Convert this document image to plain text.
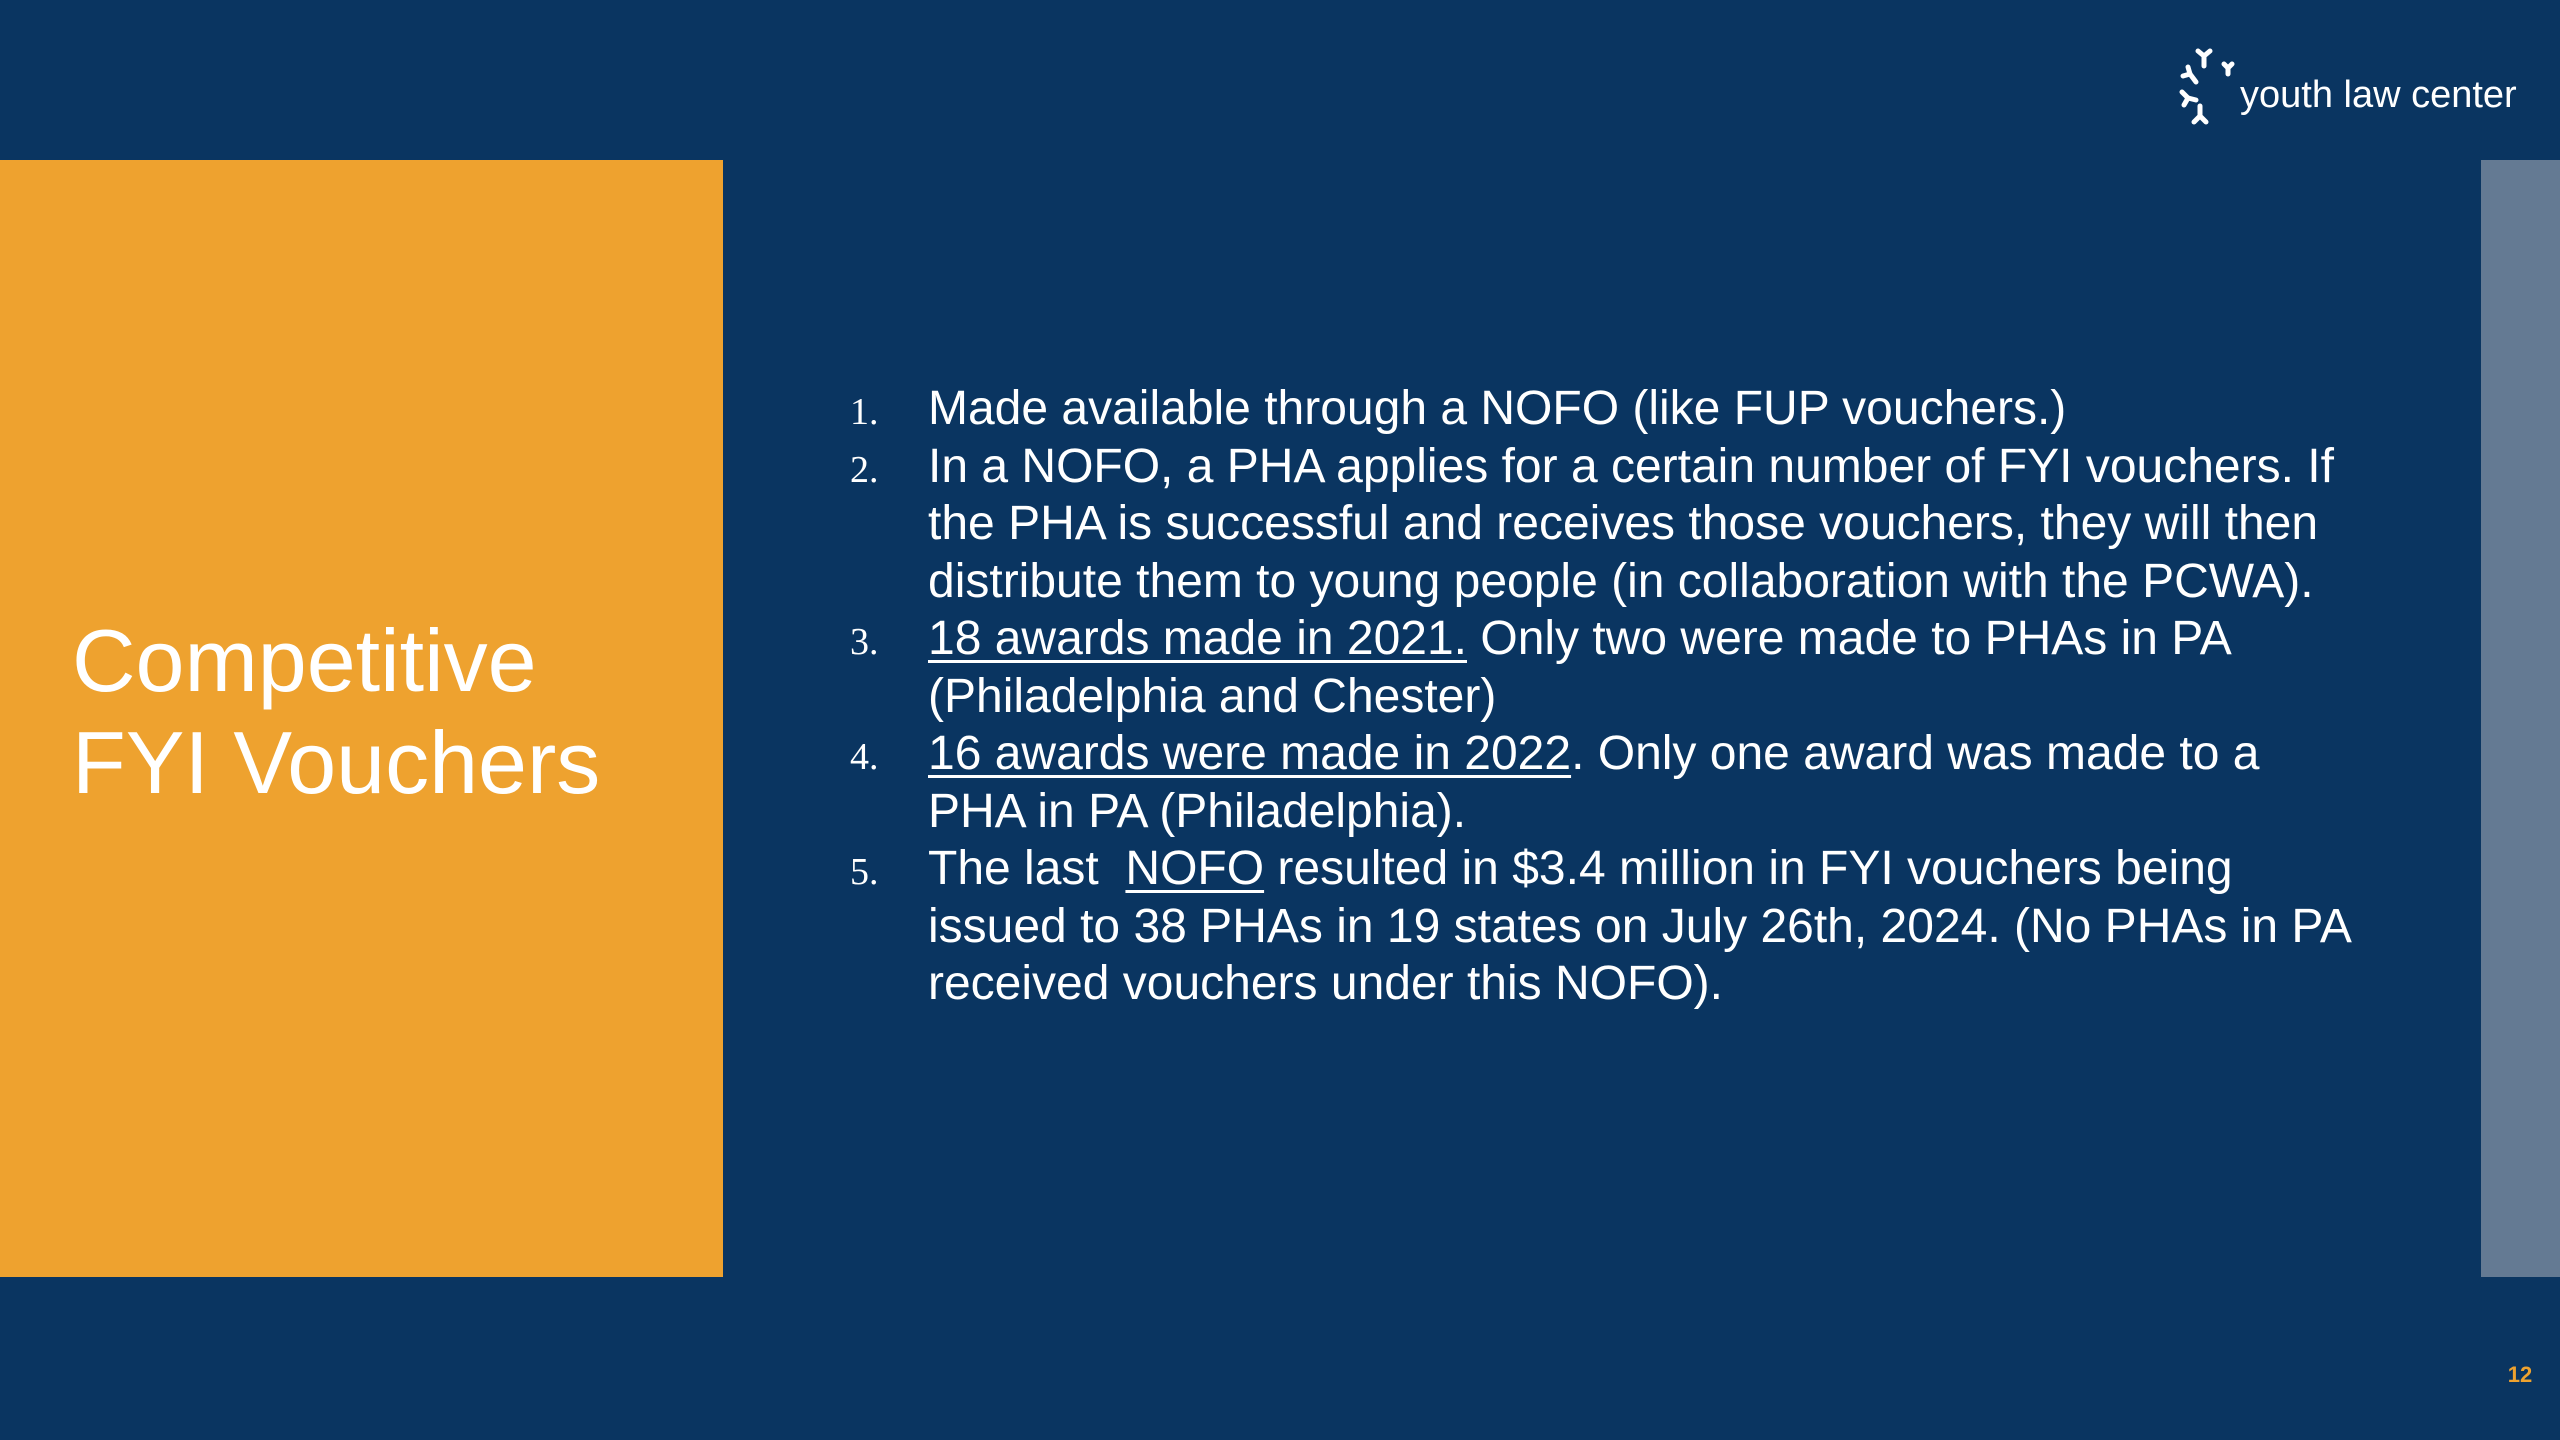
Competitive
FYI Vouchers
youth law center
1. Made available through a NOFO (like FUP vouchers.)
2. In a NOFO, a PHA applies for a certain number of FYI vouchers. If the PHA is successful and receives those vouchers, they will then distribute them to young people (in collaboration with the PCWA).
3. 18 awards made in 2021. Only two were made to PHAs in PA (Philadelphia and Chester)
4. 16 awards were made in 2022. Only one award was made to a PHA in PA (Philadelphia).
5. The last  NOFO resulted in $3.4 million in FYI vouchers being issued to 38 PHAs in 19 states on July 26th, 2024. (No PHAs in PA received vouchers under this NOFO).
12
